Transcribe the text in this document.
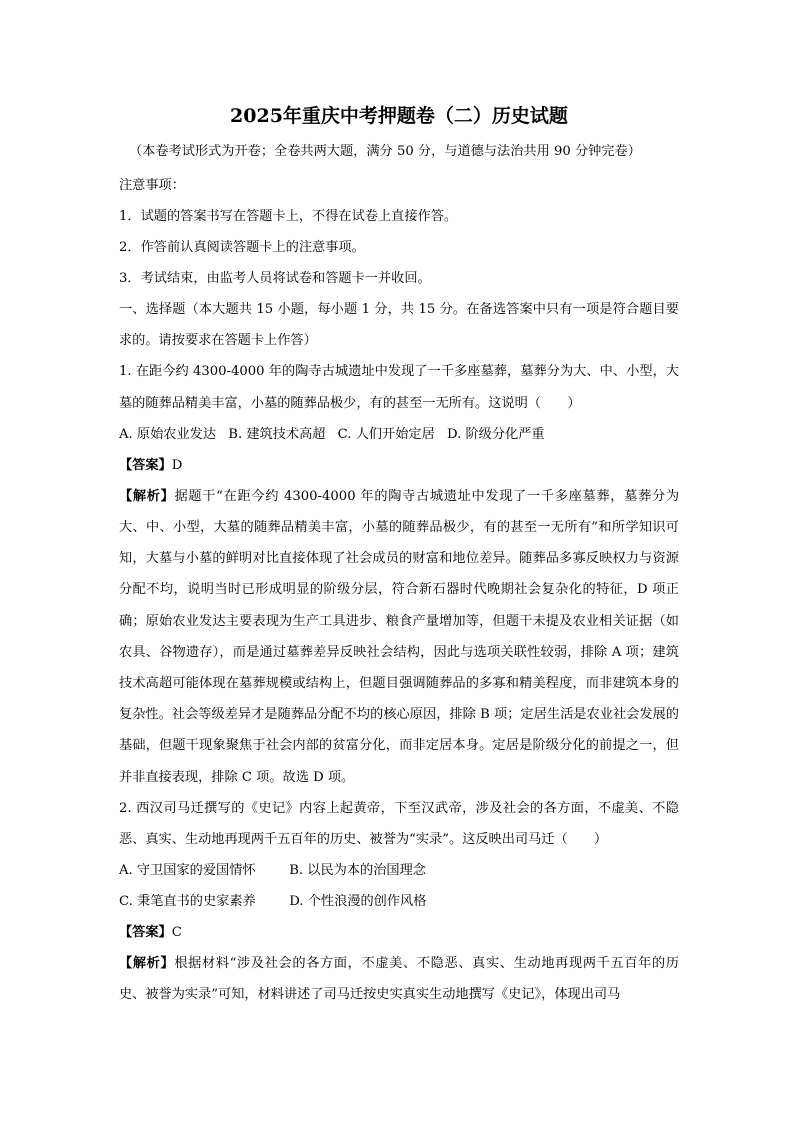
2025年重庆中考押题卷（二）历史试题
（本卷考试形式为开卷；全卷共两大题，满分 50 分，与道德与法治共用 90 分钟完卷）
注意事项：
1．试题的答案书写在答题卡上，不得在试卷上直接作答。
2．作答前认真阅读答题卡上的注意事项。
3．考试结束，由监考人员将试卷和答题卡一并收回。
一、选择题（本大题共 15 小题，每小题 1 分，共 15 分。在备选答案中只有一项是符合题目要求的。请按要求在答题卡上作答）
1. 在距今约 4300-4000 年的陶寺古城遗址中发现了一千多座墓葬，墓葬分为大、中、小型，大墓的随葬品精美丰富，小墓的随葬品极少，有的甚至一无所有。这说明（　　）
A. 原始农业发达 B. 建筑技术高超 C. 人们开始定居 D. 阶级分化严重
【答案】D
【解析】据题干“在距今约 4300-4000 年的陶寺古城遗址中发现了一千多座墓葬，墓葬分为大、中、小型，大墓的随葬品精美丰富，小墓的随葬品极少，有的甚至一无所有”和所学知识可知，大墓与小墓的鲜明对比直接体现了社会成员的财富和地位差异。随葬品多寡反映权力与资源分配不均，说明当时已形成明显的阶级分层，符合新石器时代晚期社会复杂化的特征，D 项正确；原始农业发达主要表现为生产工具进步、粮食产量增加等，但题干未提及农业相关证据（如农具、谷物遗存），而是通过墓葬差异反映社会结构，因此与选项关联性较弱，排除 A 项；建筑技术高超可能体现在墓葬规模或结构上，但题目强调随葬品的多寡和精美程度，而非建筑本身的复杂性。社会等级差异才是随葬品分配不均的核心原因，排除 B 项；定居生活是农业社会发展的基础，但题干现象聚焦于社会内部的贫富分化，而非定居本身。定居是阶级分化的前提之一，但并非直接表现，排除 C 项。故选 D 项。
2. 西汉司马迁撰写的《史记》内容上起黄帝，下至汉武帝，涉及社会的各方面，不虚美、不隐恶、真实、生动地再现两千五百年的历史、被誉为“实录”。这反映出司马迁（　　）
A. 守卫国家的爱国情怀	B. 以民为本的治国理念
C. 秉笔直书的史家素养	D. 个性浪漫的创作风格
【答案】C
【解析】根据材料“涉及社会的各方面，不虚美、不隐恶、真实、生动地再现两千五百年的历史、被誉为实录”可知，材料讲述了司马迁按史实真实生动地撰写《史记》，体现出司马
